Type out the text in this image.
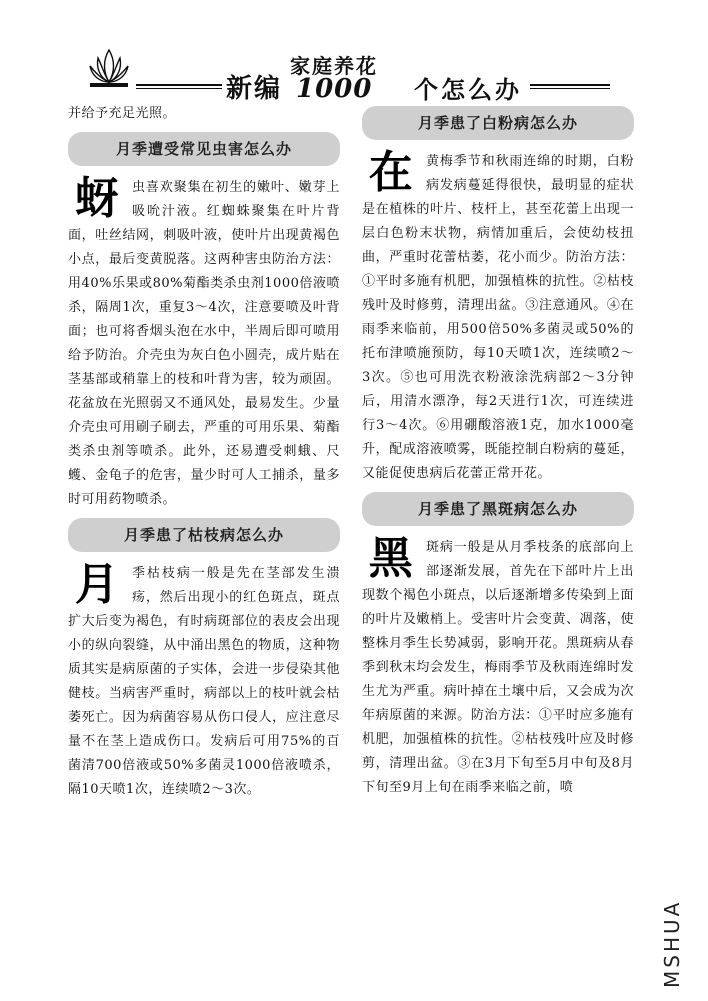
新编
家庭养花
1000 个怎么办

并给予充足光照。

月季遭受常见虫害怎么办
蚜 虫喜欢聚集在初生的嫩叶、嫩芽上吸吮汁液。红蜘蛛聚集在叶片背面，吐丝结网，刺吸叶液，使叶片出现黄褐色小点，最后变黄脱落。这两种害虫防治方法：用40%乐果或80%菊酯类杀虫剂1000倍液喷杀，隔周1次，重复3～4次，注意要喷及叶背面；也可将香烟头泡在水中，半周后即可喷用给予防治。介壳虫为灰白色小圆壳，成片贴在茎基部或稍靠上的枝和叶背为害，较为顽固。花盆放在光照弱又不通风处，最易发生。少量介壳虫可用刷子刷去，严重的可用乐果、菊酯类杀虫剂等喷杀。此外，还易遭受刺蛾、尺蠖、金龟子的危害，量少时可人工捕杀，量多时可用药物喷杀。
月季患了枯枝病怎么办
月 季枯枝病一般是先在茎部发生溃疡，然后出现小的红色斑点，斑点扩大后变为褐色，有时病斑部位的表皮会出现小的纵向裂缝，从中涌出黑色的物质，这种物质其实是病原菌的子实体，会进一步侵染其他健枝。当病害严重时，病部以上的枝叶就会枯萎死亡。因为病菌容易从伤口侵人，应注意尽量不在茎上造成伤口。发病后可用75%的百菌清700倍液或50%多菌灵1000倍液喷杀，隔10天喷1次，连续喷2～3次。
月季患了白粉病怎么办
在 黄梅季节和秋雨连绵的时期，白粉病发病蔓延得很快，最明显的症状是在植株的叶片、枝杆上，甚至花蕾上出现一层白色粉末状物，病情加重后，会使幼枝扭曲，严重时花蕾枯萎，花小而少。防治方法：①平时多施有机肥，加强植株的抗性。②枯枝残叶及时修剪，清理出盆。③注意通风。④在雨季来临前，用500倍50%多菌灵或50%的托布津喷施预防，每10天喷1次，连续喷2～3次。⑤也可用洗衣粉液涂洗病部2～3分钟后，用清水漂净，每2天进行1次，可连续进行3～4次。⑥用硼酸溶液1克，加水1000毫升，配成溶液喷雾，既能控制白粉病的蔓延，又能促使患病后花蕾正常开花。
月季患了黑斑病怎么办
黑 斑病一般是从月季枝条的底部向上部逐渐发展，首先在下部叶片上出现数个褐色小斑点，以后逐渐增多传染到上面的叶片及嫩梢上。受害叶片会变黄、凋落，使整株月季生长势减弱，影响开花。黑斑病从春季到秋末均会发生，梅雨季节及秋雨连绵时发生尤为严重。病叶掉在土壤中后，又会成为次年病原菌的来源。防治方法：①平时应多施有机肥，加强植株的抗性。②枯枝残叶应及时修剪，清理出盆。③在3月下旬至5月中旬及8月下旬至9月上旬在雨季来临之前，喷
MSHUA
